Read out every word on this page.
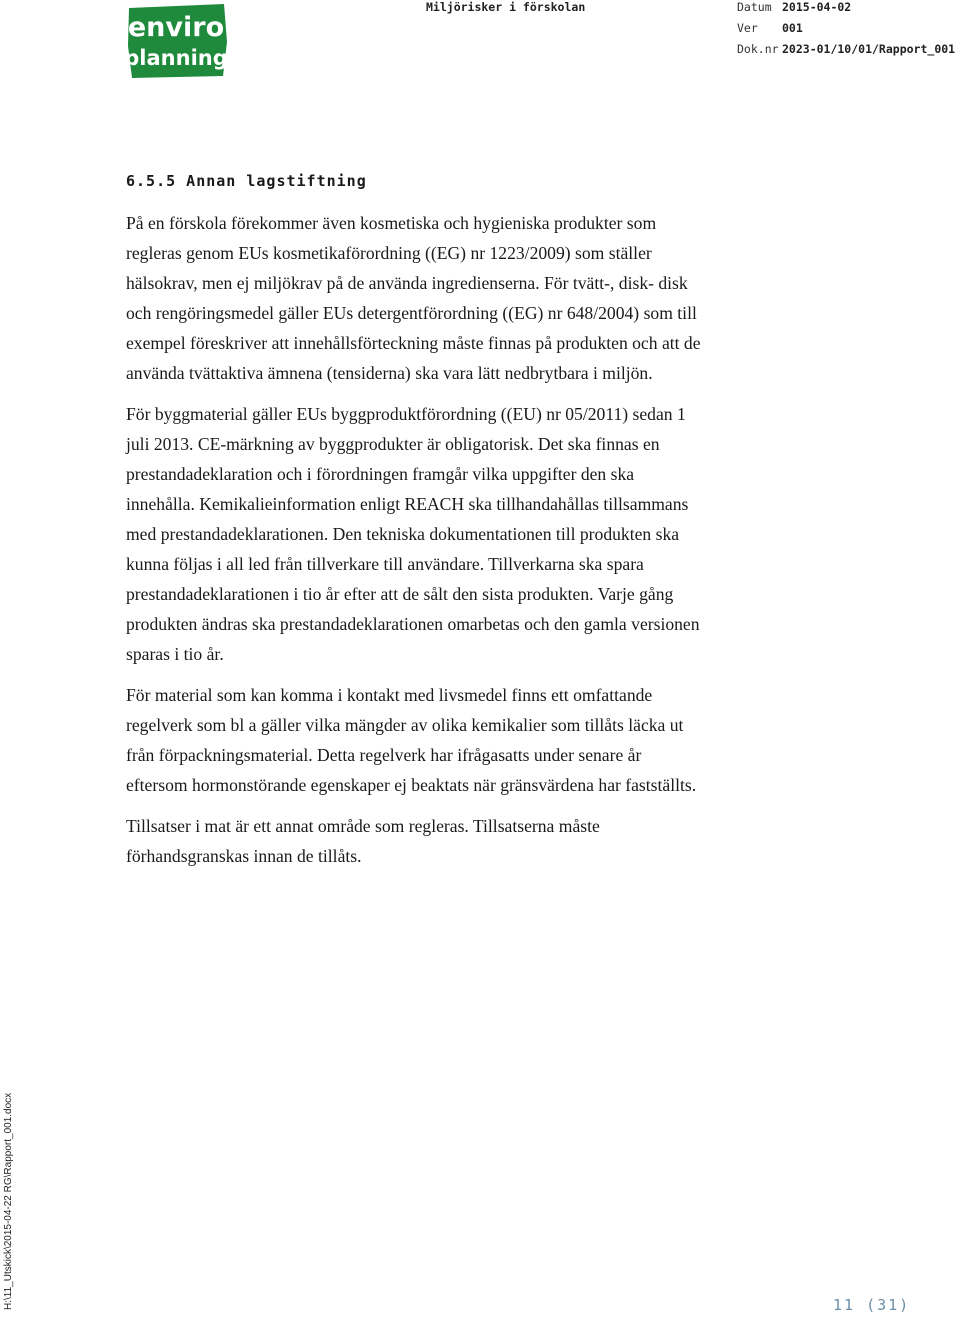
enviro
planning
Miljörisker i förskolan	Datum 2015-04-02
Ver 001
Dok.nr 2023-01/10/01/Rapport_001
6.5.5 Annan lagstiftning

På en förskola förekommer även kosmetiska och hygieniska produkter som regleras genom EUs kosmetikaförordning ((EG) nr 1223/2009) som ställer hälsokrav, men ej miljökrav på de använda ingredienserna. För tvätt-, disk- disk och rengöringsmedel gäller EUs detergentförordning ((EG) nr 648/2004) som till exempel föreskriver att innehållsförteckning måste finnas på produkten och att de använda tvättaktiva ämnena (tensiderna) ska vara lätt nedbrytbara i miljön.

För byggmaterial gäller EUs byggproduktförordning ((EU) nr 05/2011) sedan 1 juli 2013. CE-märkning av byggprodukter är obligatorisk. Det ska finnas en prestandadeklaration och i förordningen framgår vilka uppgifter den ska innehålla. Kemikalieinformation enligt REACH ska tillhandahållas tillsammans med prestandadeklarationen. Den tekniska dokumentationen till produkten ska kunna följas i all led från tillverkare till användare. Tillverkarna ska spara prestandadeklarationen i tio år efter att de sålt den sista produkten. Varje gång produkten ändras ska prestandadeklarationen omarbetas och den gamla versionen sparas i tio år.

För material som kan komma i kontakt med livsmedel finns ett omfattande regelverk som bl a gäller vilka mängder av olika kemikalier som tillåts läcka ut från förpackningsmaterial. Detta regelverk har ifrågasatts under senare år eftersom hormonstörande egenskaper ej beaktats när gränsvärdena har fastställts.

Tillsatser i mat är ett annat område som regleras. Tillsatserna måste förhandsgranskas innan de tillåts.

H:\11_Utskick\2015-04-22 RG\Rapport_001.docx	11 (31)
